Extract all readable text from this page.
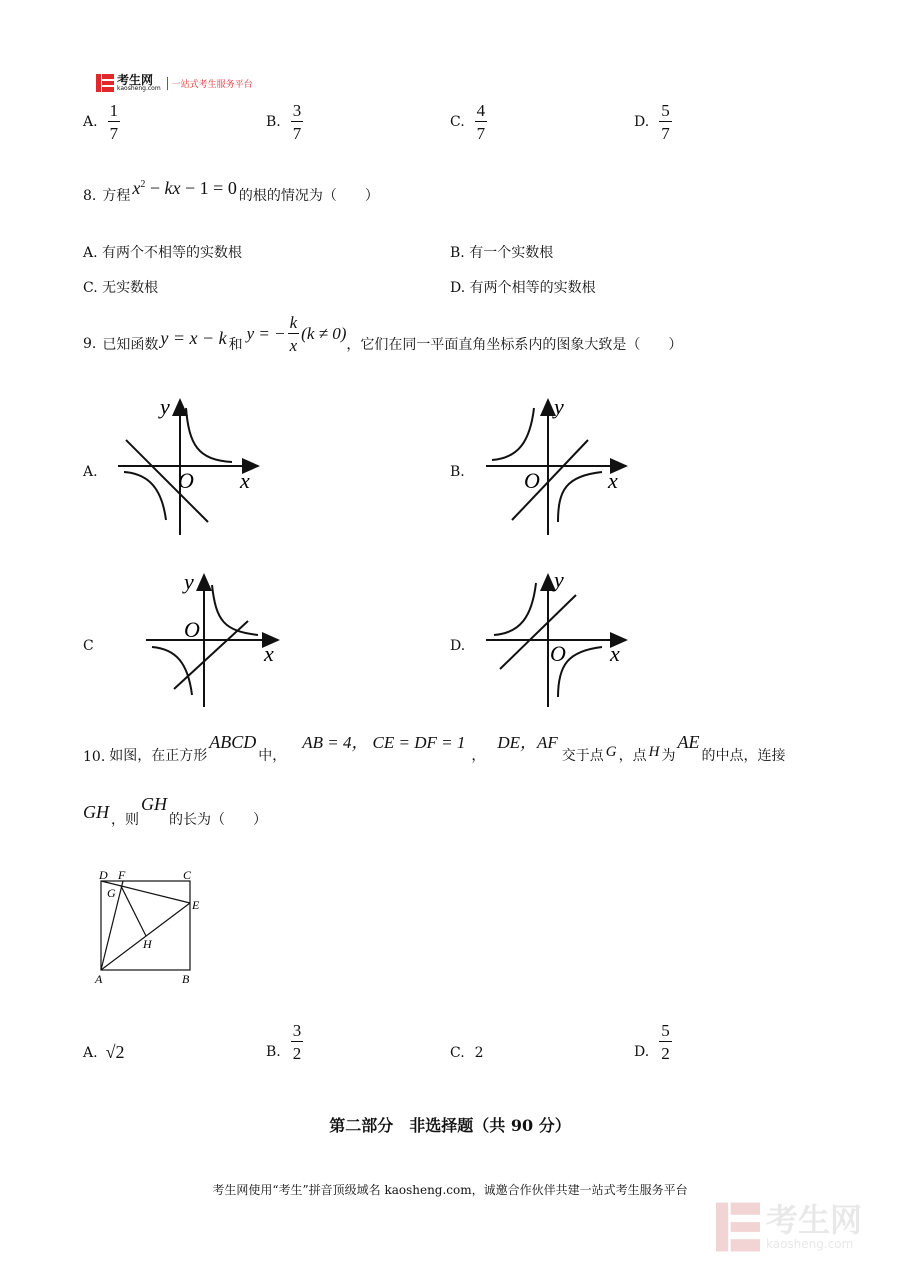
考生网
kaosheng.com	一站式考生服务平台
A. $\frac{1}{7}$	B. $\frac{3}{7}$	C. $\frac{4}{7}$	D. $\frac{5}{7}$
8. 方程 $x^2$ − kx − 1 = 0 的根的情况为（　　）
A. 有两个不相等的实数根	B. 有一个实数根
C. 无实数根	D. 有两个相等的实数根
9. 已知函数 y = x − k 和
y = − $\frac{k}{x} (k \ne 0)$
，它们在同一平面直角坐标系内的图象大致是（　　）
A.	B.
C	D.
y
x
O
y
x
O
y
x
O
y
x
O
10. 如图，在正方形
ABCD
中，
AB = 4， CE = DF = 1
，
DE，AF
交于点 G ，点 H 为
AE
的中点，连接
GH ，则
GH
的长为（　　）
D F	C
G
E
H
A	B
A. √2	B. $\frac{3}{2}$	C. 2	D. $\frac{5}{2}$
第二部分　非选择题（共 90 分）
考生网使用“考生”拼音顶级域名 kaosheng.com，诚邀合作伙伴共建一站式考生服务平台
考生网
kaosheng.com
